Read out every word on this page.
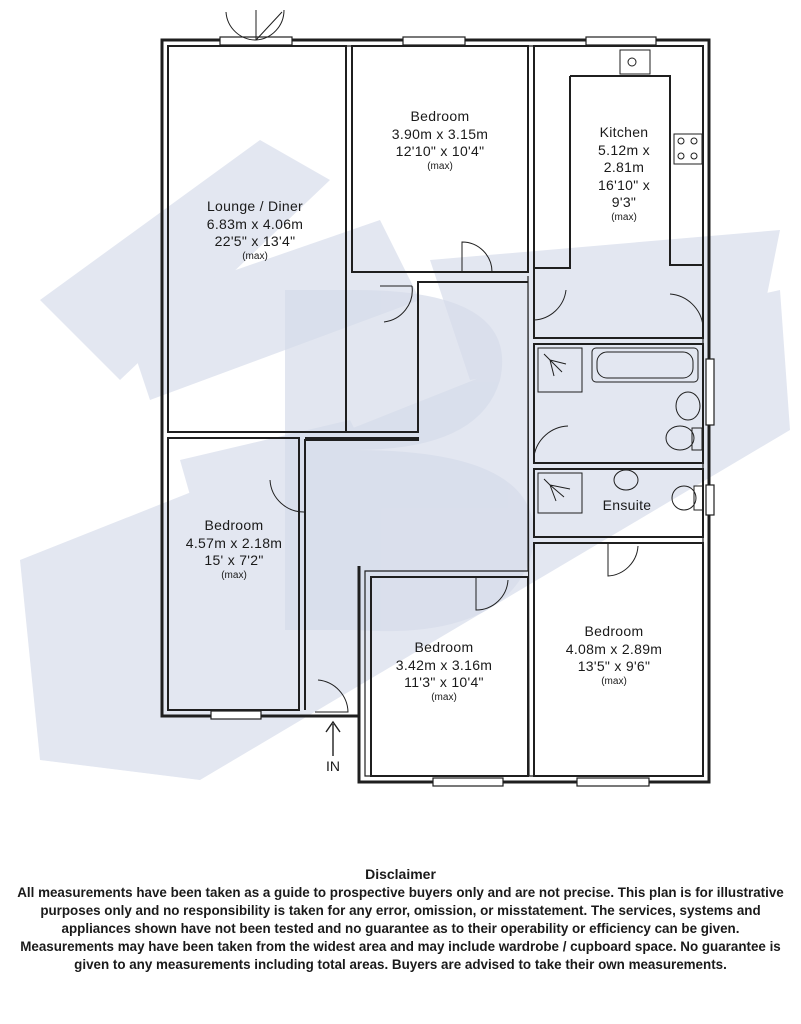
Lounge / Diner
6.83m x 4.06m
22'5" x 13'4"
(max)
Bedroom
3.90m x 3.15m
12'10" x 10'4"
(max)
Kitchen
5.12m x
2.81m
16'10" x
9'3"
(max)
Bedroom
4.57m x 2.18m
15' x 7'2"
(max)
Bedroom
3.42m x 3.16m
11'3" x 10'4"
(max)
Bedroom
4.08m x 2.89m
13'5" x 9'6"
(max)
Ensuite
IN
Disclaimer
All measurements have been taken as a guide to prospective buyers only and are not precise. This plan is for illustrative purposes only and no responsibility is taken for any error, omission, or misstatement. The services, systems and appliances shown have not been tested and no guarantee as to their operability or efficiency can be given. Measurements may have been taken from the widest area and may include wardrobe / cupboard space. No guarantee is given to any measurements including total areas. Buyers are advised to take their own measurements.
